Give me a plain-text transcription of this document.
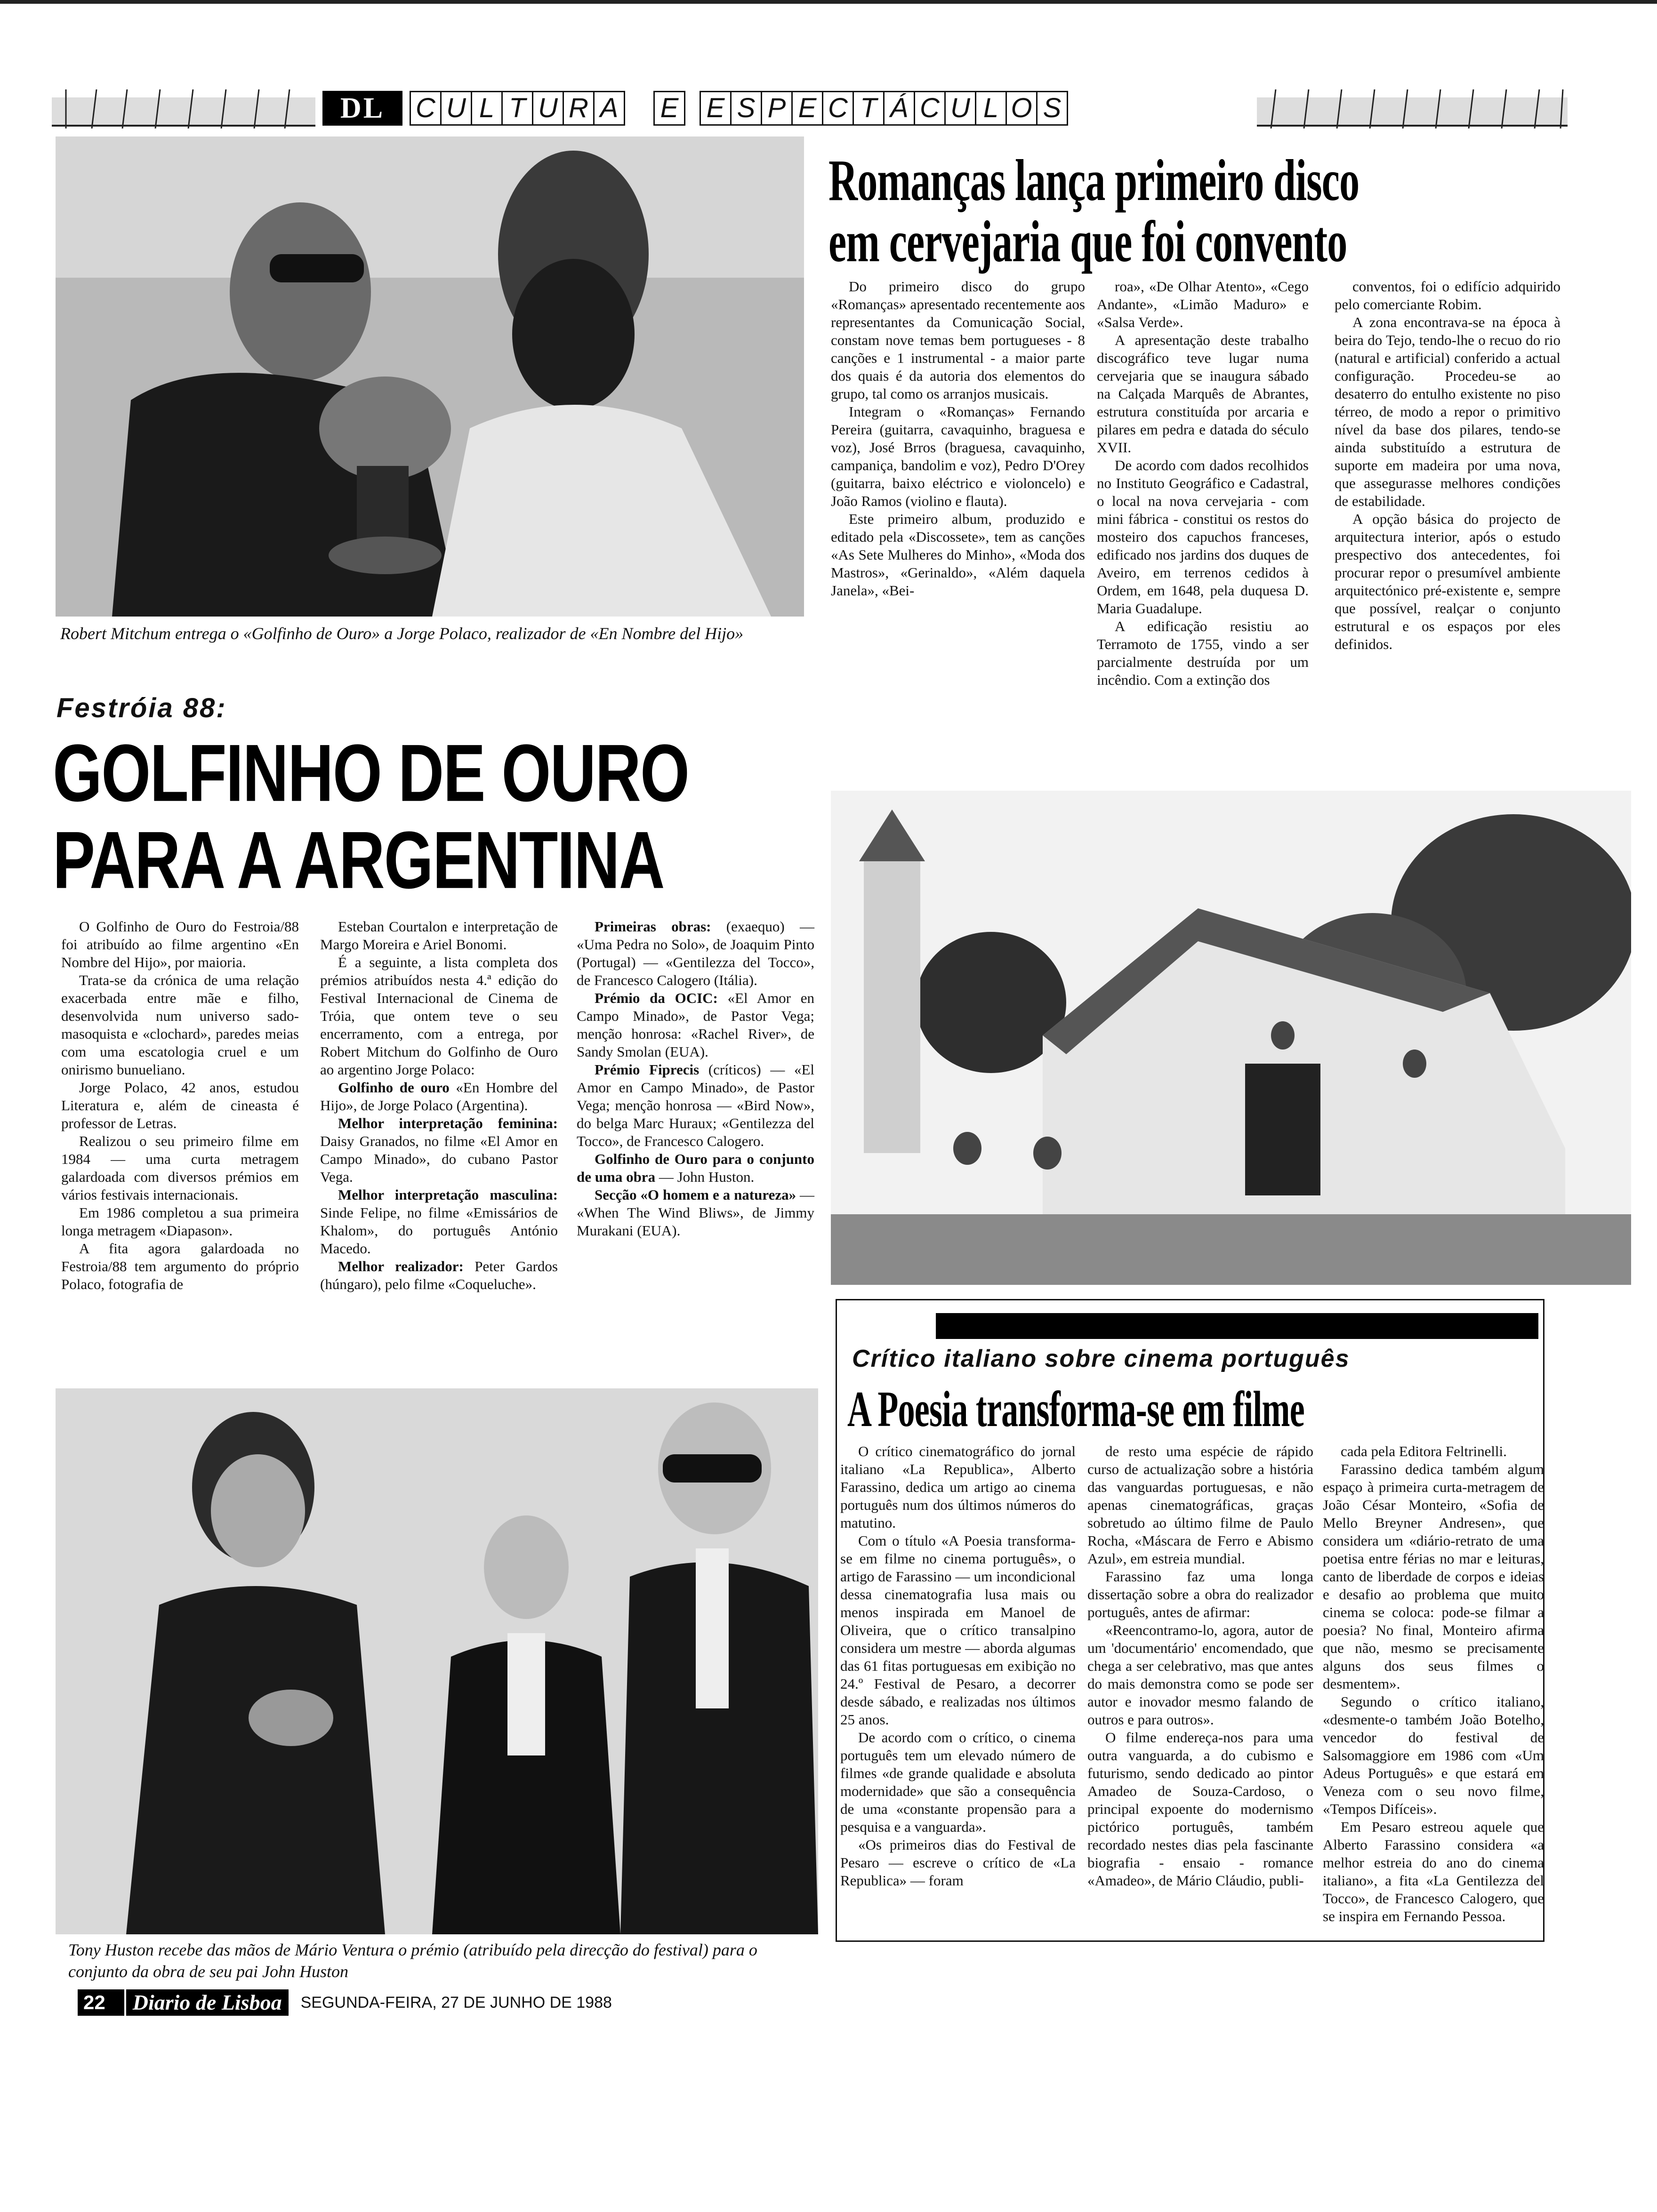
DL	C U L T U R A E E S P E C T Á C U L O S
Robert Mitchum entrega o «Golfinho de Ouro» a Jorge Polaco, realizador de «En Nombre del Hijo»
Festróia 88:
GOLFINHO DE OURO
PARA A ARGENTINA

O Golfinho de Ouro do Festroia/88 foi atribuído ao filme argentino «En Nombre del Hijo», por maioria.

Trata-se da crónica de uma relação exacerbada entre mãe e filho, desenvolvida num universo sado-masoquista e «clochard», paredes meias com uma escatologia cruel e um onirismo bunueliano.

Jorge Polaco, 42 anos, estudou Literatura e, além de cineasta é professor de Letras.

Realizou o seu primeiro filme em 1984 — uma curta metragem galardoada com diversos prémios em vários festivais internacionais.

Em 1986 completou a sua primeira longa metragem «Diapason».

A fita agora galardoada no Festroia/88 tem argumento do próprio Polaco, fotografia de

Esteban Courtalon e interpretação de Margo Moreira e Ariel Bonomi.

É a seguinte, a lista completa dos prémios atribuídos nesta 4.ª edição do Festival Internacional de Cinema de Tróia, que ontem teve o seu encerramento, com a entrega, por Robert Mitchum do Golfinho de Ouro ao argentino Jorge Polaco:

Golfinho de ouro «En Hombre del Hijo», de Jorge Polaco (Argentina).

Melhor interpretação feminina: Daisy Granados, no filme «El Amor en Campo Minado», do cubano Pastor Vega.

Melhor interpretação masculina: Sinde Felipe, no filme «Emissários de Khalom», do português António Macedo.

Melhor realizador: Peter Gardos (húngaro), pelo filme «Coqueluche».

Primeiras obras: (exaequo) — «Uma Pedra no Solo», de Joaquim Pinto (Portugal) — «Gentilezza del Tocco», de Francesco Calogero (Itália).

Prémio da OCIC: «El Amor en Campo Minado», de Pastor Vega; menção honrosa: «Rachel River», de Sandy Smolan (EUA).

Prémio Fiprecis (críticos) — «El Amor en Campo Minado», de Pastor Vega; menção honrosa — «Bird Now», do belga Marc Huraux; «Gentilezza del Tocco», de Francesco Calogero.

Golfinho de Ouro para o conjunto de uma obra — John Huston.

Secção «O homem e a natureza» — «When The Wind Bliws», de Jimmy Murakani (EUA).

Tony Huston recebe das mãos de Mário Ventura o prémio (atribuído pela direcção do festival) para o conjunto da obra de seu pai John Huston
Romanças lança primeiro disco
em cervejaria que foi convento

Do primeiro disco do grupo «Romanças» apresentado recentemente aos representantes da Comunicação Social, constam nove temas bem portugueses - 8 canções e 1 instrumental - a maior parte dos quais é da autoria dos elementos do grupo, tal como os arranjos musicais.

Integram o «Romanças» Fernando Pereira (guitarra, cavaquinho, braguesa e voz), José Brros (braguesa, cavaquinho, campaniça, bandolim e voz), Pedro D'Orey (guitarra, baixo eléctrico e violoncelo) e João Ramos (violino e flauta).

Este primeiro album, produzido e editado pela «Discossete», tem as canções «As Sete Mulheres do Minho», «Moda dos Mastros», «Gerinaldo», «Além daquela Janela», «Bei-

roa», «De Olhar Atento», «Cego Andante», «Limão Maduro» e «Salsa Verde».

A apresentação deste trabalho discográfico teve lugar numa cervejaria que se inaugura sábado na Calçada Marquês de Abrantes, estrutura constituída por arcaria e pilares em pedra e datada do século XVII.

De acordo com dados recolhidos no Instituto Geográfico e Cadastral, o local na nova cervejaria - com mini fábrica - constitui os restos do mosteiro dos capuchos franceses, edificado nos jardins dos duques de Aveiro, em terrenos cedidos à Ordem, em 1648, pela duquesa D. Maria Guadalupe.

A edificação resistiu ao Terramoto de 1755, vindo a ser parcialmente destruída por um incêndio. Com a extinção dos

conventos, foi o edifício adquirido pelo comerciante Robim.

A zona encontrava-se na época à beira do Tejo, tendo-lhe o recuo do rio (natural e artificial) conferido a actual configuração. Procedeu-se ao desaterro do entulho existente no piso térreo, de modo a repor o primitivo nível da base dos pilares, tendo-se ainda substituído a estrutura de suporte em madeira por uma nova, que assegurasse melhores condições de estabilidade.

A opção básica do projecto de arquitectura interior, após o estudo prespectivo dos antecedentes, foi procurar repor o presumível ambiente arquitectónico pré-existente e, sempre que possível, realçar o conjunto estrutural e os espaços por eles definidos.

Crítico italiano sobre cinema português
A Poesia transforma-se em filme

O crítico cinematográfico do jornal italiano «La Republica», Alberto Farassino, dedica um artigo ao cinema português num dos últimos números do matutino.

Com o título «A Poesia transforma-se em filme no cinema português», o artigo de Farassino — um incondicional dessa cinematografia lusa mais ou menos inspirada em Manoel de Oliveira, que o crítico transalpino considera um mestre — aborda algumas das 61 fitas portuguesas em exibição no 24.º Festival de Pesaro, a decorrer desde sábado, e realizadas nos últimos 25 anos.

De acordo com o crítico, o cinema português tem um elevado número de filmes «de grande qualidade e absoluta modernidade» que são a consequência de uma «constante propensão para a pesquisa e a vanguarda».

«Os primeiros dias do Festival de Pesaro — escreve o crítico de «La Republica» — foram

de resto uma espécie de rápido curso de actualização sobre a história das vanguardas portuguesas, e não apenas cinematográficas, graças sobretudo ao último filme de Paulo Rocha, «Máscara de Ferro e Abismo Azul», em estreia mundial.

Farassino faz uma longa dissertação sobre a obra do realizador português, antes de afirmar:

«Reencontramo-lo, agora, autor de um 'documentário' encomendado, que chega a ser celebrativo, mas que antes do mais demonstra como se pode ser autor e inovador mesmo falando de outros e para outros».

O filme endereça-nos para uma outra vanguarda, a do cubismo e futurismo, sendo dedicado ao pintor Amadeo de Souza-Cardoso, o principal expoente do modernismo pictórico português, também recordado nestes dias pela fascinante biografia - ensaio - romance «Amadeo», de Mário Cláudio, publi-

cada pela Editora Feltrinelli.

Farassino dedica também algum espaço à primeira curta-metragem de João César Monteiro, «Sofia de Mello Breyner Andresen», que considera um «diário-retrato de uma poetisa entre férias no mar e leituras, canto de liberdade de corpos e ideias e desafio ao problema que muito cinema se coloca: pode-se filmar a poesia? No final, Monteiro afirma que não, mesmo se precisamente alguns dos seus filmes o desmentem».

Segundo o crítico italiano, «desmente-o também João Botelho, vencedor do festival de Salsomaggiore em 1986 com «Um Adeus Português» e que estará em Veneza com o seu novo filme, «Tempos Difíceis».

Em Pesaro estreou aquele que Alberto Farassino considera «a melhor estreia do ano do cinema italiano», a fita «La Gentilezza del Tocco», de Francesco Calogero, que se inspira em Fernando Pessoa.

22	Diario de Lisboa	SEGUNDA-FEIRA, 27 DE JUNHO DE 1988
